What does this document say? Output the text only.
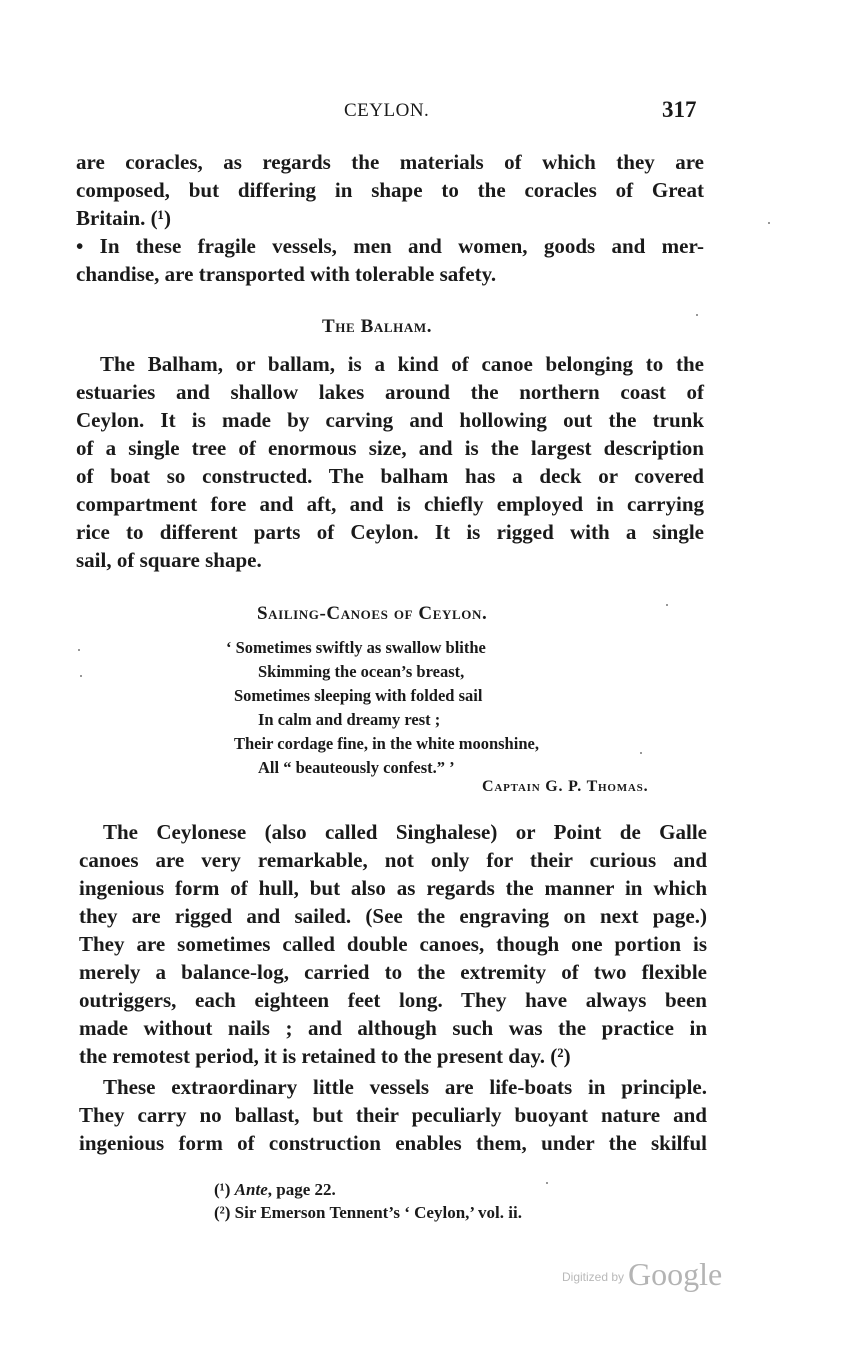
CEYLON.	317
are coracles, as regards the materials of which they are
composed, but differing in shape to the coracles of Great
Britain. (¹)
• In these fragile vessels, men and women, goods and mer-
chandise, are transported with tolerable safety.
The Balham.
The Balham, or ballam, is a kind of canoe belonging to the
estuaries and shallow lakes around the northern coast of
Ceylon. It is made by carving and hollowing out the trunk
of a single tree of enormous size, and is the largest description
of boat so constructed. The balham has a deck or covered
compartment fore and aft, and is chiefly employed in carrying
rice to different parts of Ceylon. It is rigged with a single
sail, of square shape.
Sailing-Canoes of Ceylon.
‘ Sometimes swiftly as swallow blithe
Skimming the ocean’s breast,
Sometimes sleeping with folded sail
In calm and dreamy rest ;
Their cordage fine, in the white moonshine,
All “ beauteously confest.” ’
Captain G. P. Thomas.
The Ceylonese (also called Singhalese) or Point de Galle
canoes are very remarkable, not only for their curious and
ingenious form of hull, but also as regards the manner in which
they are rigged and sailed. (See the engraving on next page.)
They are sometimes called double canoes, though one portion is
merely a balance-log, carried to the extremity of two flexible
outriggers, each eighteen feet long. They have always been
made without nails ; and although such was the practice in
the remotest period, it is retained to the present day. (²)
These extraordinary little vessels are life-boats in principle.
They carry no ballast, but their peculiarly buoyant nature and
ingenious form of construction enables them, under the skilful
(¹) Ante, page 22.
(²) Sir Emerson Tennent’s ‘ Ceylon,’ vol. ii.
$^{Digitized by}$ Google
